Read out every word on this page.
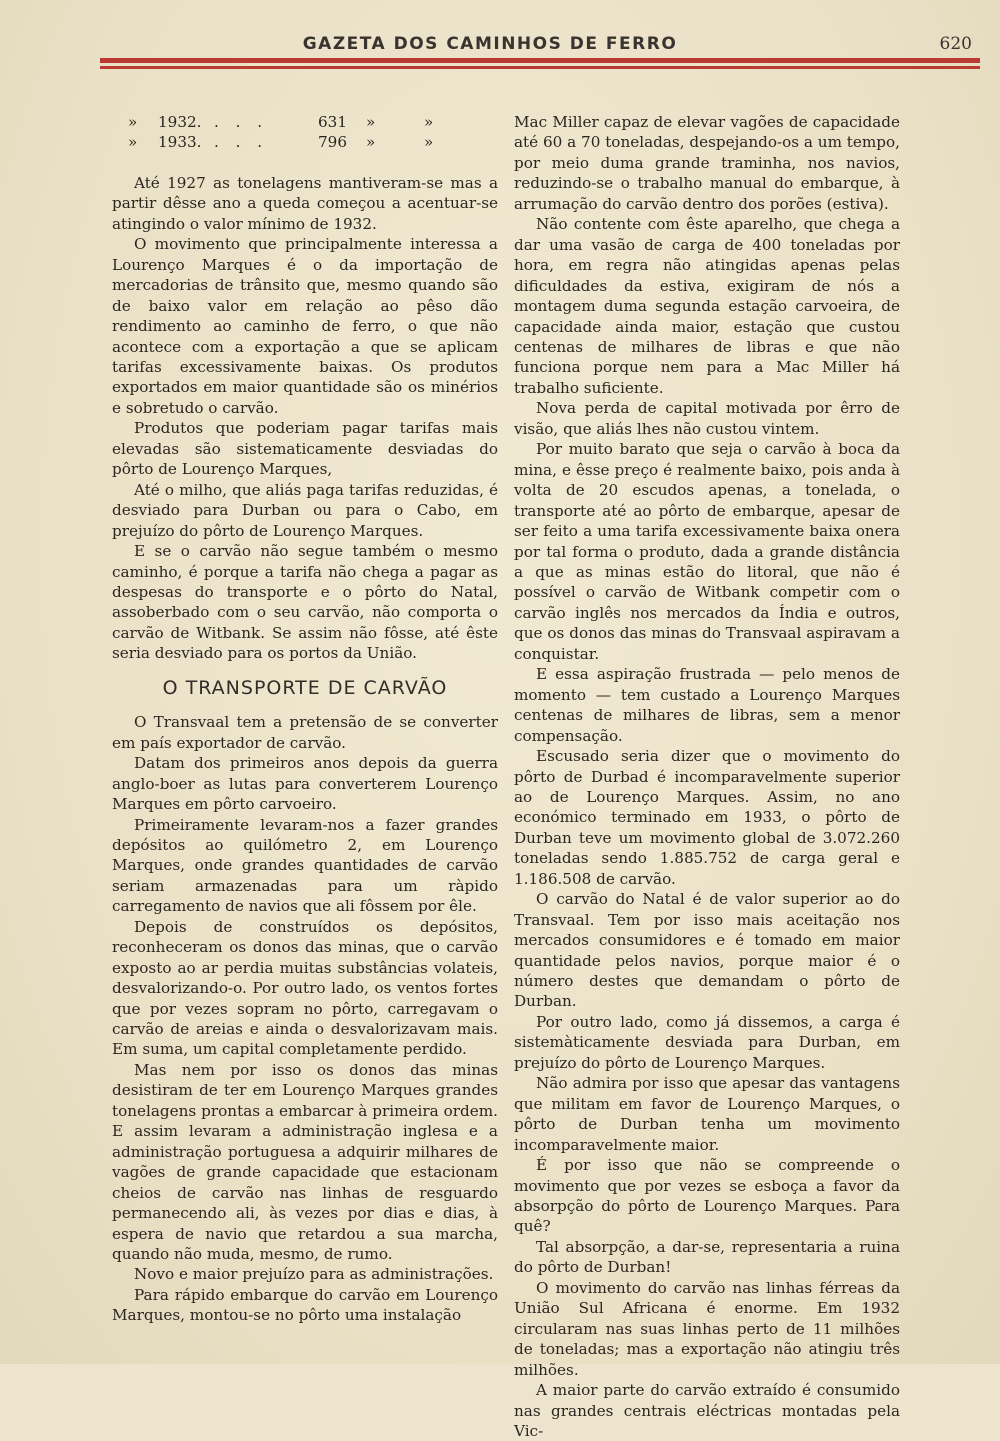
GAZETA DOS CAMINHOS DE FERRO	620
»	1932. . . .	631	»	»
»	1933. . . .	796	»	»

Até 1927 as tonelagens mantiveram-se mas a partir dêsse ano a queda começou a acentuar-se atingindo o valor mínimo de 1932.

O movimento que principalmente interessa a Lourenço Marques é o da importação de mercadorias de trânsito que, mesmo quando são de baixo valor em relação ao pêso dão rendimento ao caminho de ferro, o que não acontece com a exportação a que se aplicam tarifas excessivamente baixas. Os produtos exportados em maior quantidade são os minérios e sobretudo o carvão.

Produtos que poderiam pagar tarifas mais elevadas são sistematicamente desviadas do pôrto de Lourenço Marques,

Até o milho, que aliás paga tarifas reduzidas, é desviado para Durban ou para o Cabo, em prejuízo do pôrto de Lourenço Marques.

E se o carvão não segue também o mesmo caminho, é porque a tarifa não chega a pagar as despesas do transporte e o pôrto do Natal, assoberbado com o seu carvão, não comporta o carvão de Witbank. Se assim não fôsse, até êste seria desviado para os portos da União.

O TRANSPORTE DE CARVÃO

O Transvaal tem a pretensão de se converter em país exportador de carvão.

Datam dos primeiros anos depois da guerra anglo-boer as lutas para converterem Lourenço Marques em pôrto carvoeiro.

Primeiramente levaram-nos a fazer grandes depósitos ao quilómetro 2, em Lourenço Marques, onde grandes quantidades de carvão seriam armazenadas para um ràpido carregamento de navios que ali fôssem por êle.

Depois de construídos os depósitos, reconheceram os donos das minas, que o carvão exposto ao ar perdia muitas substâncias volateis, desvalorizando-o. Por outro lado, os ventos fortes que por vezes sopram no pôrto, carregavam o carvão de areias e ainda o desvalorizavam mais. Em suma, um capital completamente perdido.

Mas nem por isso os donos das minas desistiram de ter em Lourenço Marques grandes tonelagens prontas a embarcar à primeira ordem. E assim levaram a administração inglesa e a administração portuguesa a adquirir milhares de vagões de grande capacidade que estacionam cheios de carvão nas linhas de resguardo permanecendo ali, às vezes por dias e dias, à espera de navio que retardou a sua marcha, quando não muda, mesmo, de rumo.

Novo e maior prejuízo para as administrações.

Para rápido embarque do carvão em Lourenço Marques, montou-se no pôrto uma instalação

Mac Miller capaz de elevar vagões de capacidade até 60 a 70 toneladas, despejando-os a um tempo, por meio duma grande traminha, nos navios, reduzindo-se o trabalho manual do embarque, à arrumação do carvão dentro dos porões (estiva).

Não contente com êste aparelho, que chega a dar uma vasão de carga de 400 toneladas por hora, em regra não atingidas apenas pelas dificuldades da estiva, exigiram de nós a montagem duma segunda estação carvoeira, de capacidade ainda maior, estação que custou centenas de milhares de libras e que não funciona porque nem para a Mac Miller há trabalho suficiente.

Nova perda de capital motivada por êrro de visão, que aliás lhes não custou vintem.

Por muito barato que seja o carvão à boca da mina, e êsse preço é realmente baixo, pois anda à volta de 20 escudos apenas, a tonelada, o transporte até ao pôrto de embarque, apesar de ser feito a uma tarifa excessivamente baixa onera por tal forma o produto, dada a grande distância a que as minas estão do litoral, que não é possível o carvão de Witbank competir com o carvão inglês nos mercados da Índia e outros, que os donos das minas do Transvaal aspiravam a conquistar.

E essa aspiração frustrada — pelo menos de momento — tem custado a Lourenço Marques centenas de milhares de libras, sem a menor compensação.

Escusado seria dizer que o movimento do pôrto de Durbad é incomparavelmente superior ao de Lourenço Marques. Assim, no ano económico terminado em 1933, o pôrto de Durban teve um movimento global de 3.072.260 toneladas sendo 1.885.752 de carga geral e 1.186.508 de carvão.

O carvão do Natal é de valor superior ao do Transvaal. Tem por isso mais aceitação nos mercados consumidores e é tomado em maior quantidade pelos navios, porque maior é o número destes que demandam o pôrto de Durban.

Por outro lado, como já dissemos, a carga é sistemàticamente desviada para Durban, em prejuízo do pôrto de Lourenço Marques.

Não admira por isso que apesar das vantagens que militam em favor de Lourenço Marques, o pôrto de Durban tenha um movimento incomparavelmente maior.

É por isso que não se compreende o movimento que por vezes se esboça a favor da absorpção do pôrto de Lourenço Marques. Para quê?

Tal absorpção, a dar-se, representaria a ruina do pôrto de Durban!

O movimento do carvão nas linhas férreas da União Sul Africana é enorme. Em 1932 circularam nas suas linhas perto de 11 milhões de toneladas; mas a exportação não atingiu três milhões.

A maior parte do carvão extraído é consumido nas grandes centrais eléctricas montadas pela Vic-
